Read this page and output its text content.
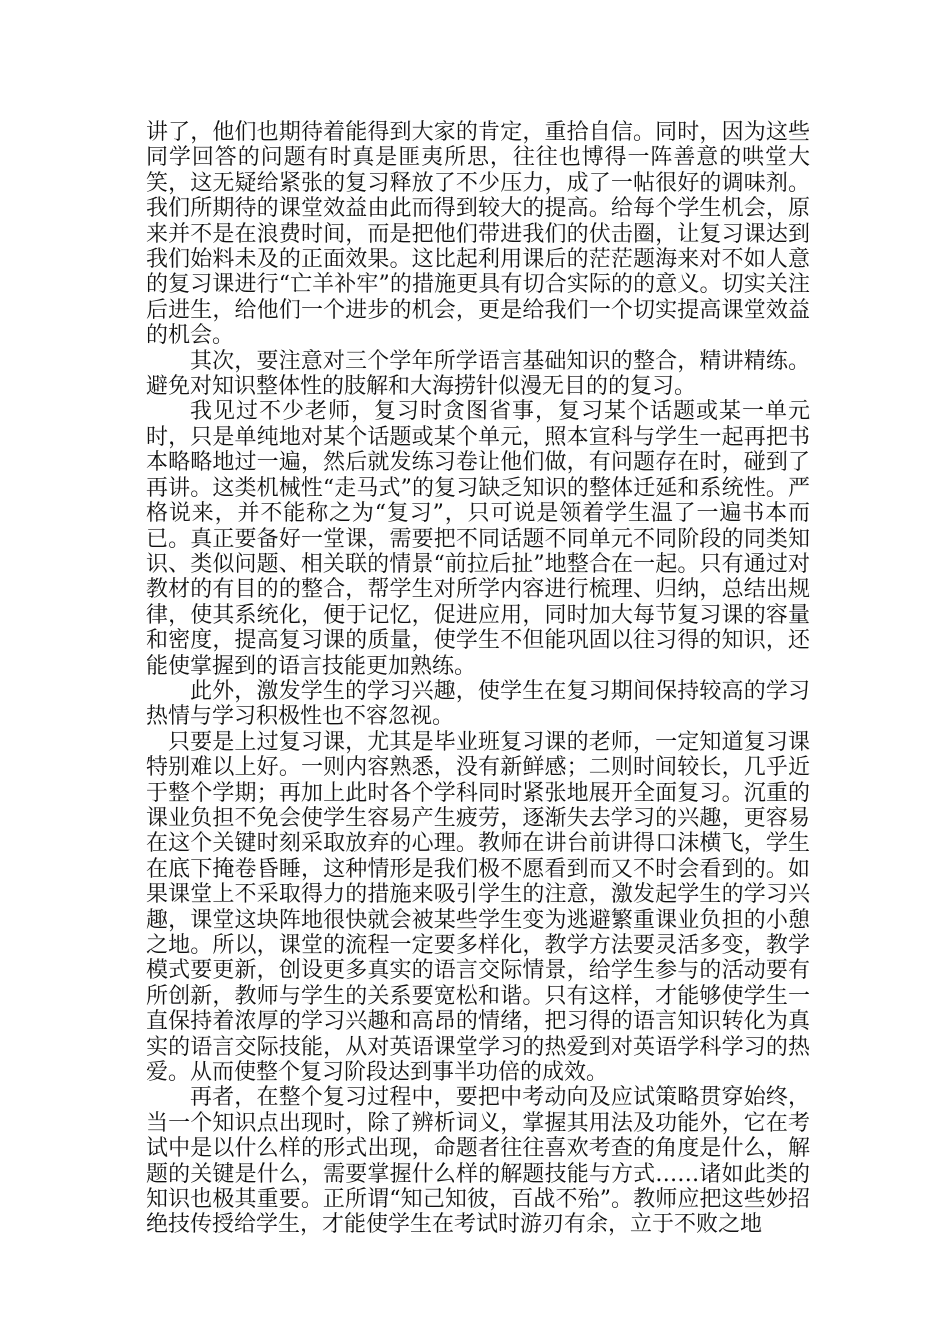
讲了，他们也期待着能得到大家的肯定，重拾自信。同时，因为这些同学回答的问题有时真是匪夷所思，往往也博得一阵善意的哄堂大笑，这无疑给紧张的复习释放了不少压力，成了一帖很好的调味剂。我们所期待的课堂效益由此而得到较大的提高。给每个学生机会，原来并不是在浪费时间，而是把他们带进我们的伏击圈，让复习课达到我们始料未及的正面效果。这比起利用课后的茫茫题海来对不如人意的复习课进行“亡羊补牢”的措施更具有切合实际的的意义。切实关注后进生，给他们一个进步的机会，更是给我们一个切实提高课堂效益的机会。

其次，要注意对三个学年所学语言基础知识的整合，精讲精练。避免对知识整体性的肢解和大海捞针似漫无目的的复习。

我见过不少老师，复习时贪图省事，复习某个话题或某一单元时，只是单纯地对某个话题或某个单元，照本宣科与学生一起再把书本略略地过一遍，然后就发练习卷让他们做，有问题存在时，碰到了再讲。这类机械性“走马式”的复习缺乏知识的整体迁延和系统性。严格说来，并不能称之为“复习”，只可说是领着学生温了一遍书本而已。真正要备好一堂课，需要把不同话题不同单元不同阶段的同类知识、类似问题、相关联的情景“前拉后扯”地整合在一起。只有通过对教材的有目的的整合，帮学生对所学内容进行梳理、归纳，总结出规律，使其系统化，便于记忆，促进应用，同时加大每节复习课的容量和密度，提高复习课的质量，使学生不但能巩固以往习得的知识，还能使掌握到的语言技能更加熟练。

此外，激发学生的学习兴趣，使学生在复习期间保持较高的学习热情与学习积极性也不容忽视。

只要是上过复习课，尤其是毕业班复习课的老师，一定知道复习课特别难以上好。一则内容熟悉，没有新鲜感；二则时间较长，几乎近于整个学期；再加上此时各个学科同时紧张地展开全面复习。沉重的课业负担不免会使学生容易产生疲劳，逐渐失去学习的兴趣，更容易在这个关键时刻采取放弃的心理。教师在讲台前讲得口沫横飞，学生在底下掩卷昏睡，这种情形是我们极不愿看到而又不时会看到的。如果课堂上不采取得力的措施来吸引学生的注意，激发起学生的学习兴趣，课堂这块阵地很快就会被某些学生变为逃避繁重课业负担的小憩之地。所以，课堂的流程一定要多样化，教学方法要灵活多变，教学模式要更新，创设更多真实的语言交际情景，给学生参与的活动要有所创新，教师与学生的关系要宽松和谐。只有这样，才能够使学生一直保持着浓厚的学习兴趣和高昂的情绪，把习得的语言知识转化为真实的语言交际技能，从对英语课堂学习的热爱到对英语学科学习的热爱。从而使整个复习阶段达到事半功倍的成效。

再者，在整个复习过程中，要把中考动向及应试策略贯穿始终，当一个知识点出现时，除了辨析词义，掌握其用法及功能外，它在考试中是以什么样的形式出现，命题者往往喜欢考查的角度是什么，解题的关键是什么，需要掌握什么样的解题技能与方式……诸如此类的知识也极其重要。正所谓“知己知彼，百战不殆”。教师应把这些妙招绝技传授给学生，才能使学生在考试时游刃有余，立于不败之地
